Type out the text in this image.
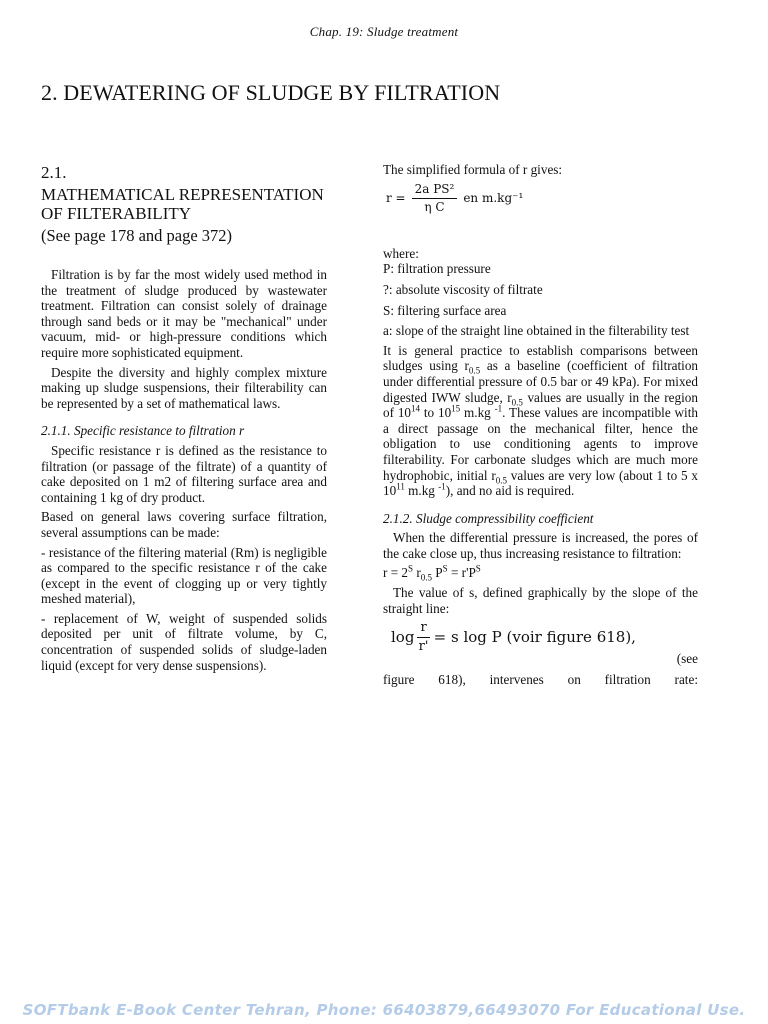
Chap. 19: Sludge treatment
2. DEWATERING OF SLUDGE BY FILTRATION
2.1.
MATHEMATICAL REPRESENTATION OF FILTERABILITY
(See page 178 and page 372)

Filtration is by far the most widely used method in the treatment of sludge produced by wastewater treatment. Filtration can consist solely of drainage through sand beds or it may be "mechanical" under vacuum, mid- or high-pressure conditions which require more sophisticated equipment.

Despite the diversity and highly complex mixture making up sludge suspensions, their filterability can be represented by a set of mathematical laws.

2.1.1. Specific resistance to filtration r

Specific resistance r is defined as the resistance to filtration (or passage of the filtrate) of a quantity of cake deposited on 1 m2 of filtering surface area and containing 1 kg of dry product.

Based on general laws covering surface filtration, several assumptions can be made:

- resistance of the filtering material (Rm) is negligible as compared to the specific resistance r of the cake (except in the event of clogging up or very tightly meshed material),

- replacement of W, weight of suspended solids deposited per unit of filtrate volume, by C, concentration of suspended solids of sludge-laden liquid (except for very dense suspensions).

The simplified formula of r gives:
$r = \frac{\text{2a PS²}}{\text{η C}}$ en m.kg⁻¹
where:

P: filtration pressure

?: absolute viscosity of filtrate

S: filtering surface area

a: slope of the straight line obtained in the filterability test

It is general practice to establish comparisons between sludges using $r_{0.5}$ as a baseline (coefficient of filtration under differential pressure of 0.5 bar or 49 kPa). For mixed digested IWW sludge, $r_{0.5}$ values are usually in the region of $10^{14}$ to $10^{15}$ m.kg $^{-1}$. These values are incompatible with a direct passage on the mechanical filter, hence the obligation to use conditioning agents to improve filterability. For carbonate sludges which are much more hydrophobic, initial $r_{0.5}$ values are very low (about 1 to 5 x $10^{11}$ m.kg $^{-1}$), and no aid is required.

2.1.2. Sludge compressibility coefficient

When the differential pressure is increased, the pores of the cake close up, thus increasing resistance to filtration:

$r = 2^S$ $r_{0.5}$ $P^S = r'P^S$

The value of s, defined graphically by the slope of the straight line:

$\log \frac{r}{r'} = s$ log P (voir figure 618),
(see

figure 618), intervenes on filtration rate:

SOFTbank E-Book Center Tehran, Phone: 66403879,66493070 For Educational Use.
